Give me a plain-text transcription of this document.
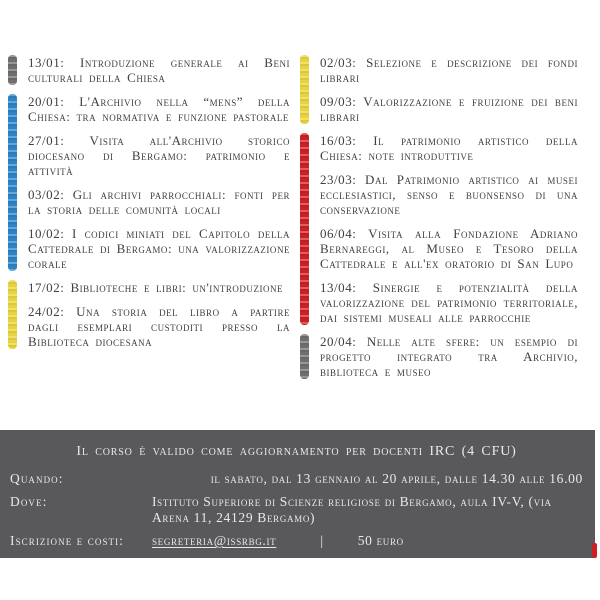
13/01: Introduzione generale ai Beni culturali della Chiesa

20/01: L'Archivio nella “mens” della Chiesa: tra normativa e funzione pastorale

27/01: Visita all'Archivio storico diocesano di Bergamo: patrimonio e attività

03/02: Gli archivi parrocchiali: fonti per la storia delle comunità locali

10/02: I codici miniati del Capitolo della Cattedrale di Bergamo: una valorizzazione corale

17/02: Biblioteche e libri: un'introduzione

24/02: Una storia del libro a partire dagli esemplari custoditi presso la Biblioteca diocesana

02/03: Selezione e descrizione dei fondi librari

09/03: Valorizzazione e fruizione dei beni librari

16/03: Il patrimonio artistico della Chiesa: note introduttive

23/03: Dal Patrimonio artistico ai musei ecclesiastici, senso e buonsenso di una conservazione

06/04: Visita alla Fondazione Adriano Bernareggi, al Museo e Tesoro della Cattedrale e all'ex oratorio di San Lupo

13/04: Sinergie e potenzialità della valorizzazione del patrimonio territoriale, dai sistemi museali alle parrocchie

20/04: Nelle alte sfere: un esempio di progetto integrato tra Archivio, biblioteca e museo

Il corso è valido come aggiornamento per docenti IRC (4 CFU)
Quando:	il sabato, dal 13 gennaio al 20 aprile, dalle 14.30 alle 16.00
Dove:	Istituto Superiore di Scienze religiose di Bergamo, aula IV-V, (via Arena 11, 24129 Bergamo)
Iscrizione e costi:	segreteria@issrbg.it	|	50 euro
